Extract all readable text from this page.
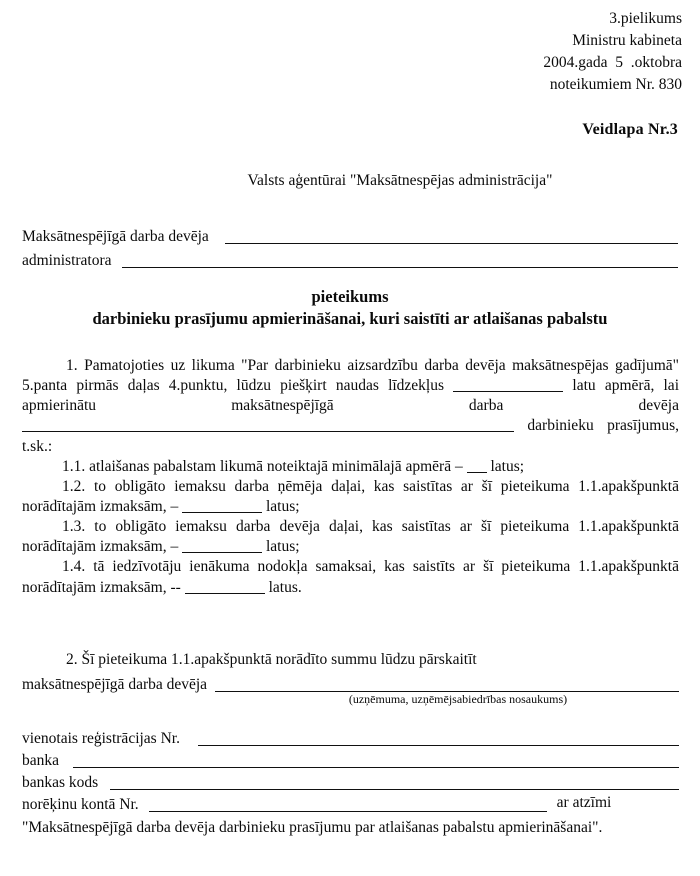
3.pielikums
Ministru kabineta
2004.gada  5  .oktobra
noteikumiem Nr. 830
Veidlapa Nr.3
Valsts aģentūrai "Maksātnespējas administrācija"
Maksātnespējīgā darba devēja
administratora
pieteikums
darbinieku prasījumu apmierināšanai, kuri saistīti ar atlaišanas pabalstu

1. Pamatojoties uz likuma "Par darbinieku aizsardzību darba devēja maksātnespējas gadījumā" 5.panta pirmās daļas 4.punktu, lūdzu piešķirt naudas līdzekļus	latu apmērā, lai apmierinātu maksātnespējīgā darba devēja darbinieku prasījumus, t.sk.:

1.1. atlaišanas pabalstam likumā noteiktajā minimālajā apmērā – latus;

1.2. to obligāto iemaksu darba ņēmēja daļai, kas saistītas ar šī pieteikuma 1.1.apakšpunktā norādītajām izmaksām, –	latus;

1.3. to obligāto iemaksu darba devēja daļai, kas saistītas ar šī pieteikuma 1.1.apakšpunktā norādītajām izmaksām, –	latus;

1.4. tā iedzīvotāju ienākuma nodokļa samaksai, kas saistīts ar šī pieteikuma 1.1.apakšpunktā norādītajām izmaksām, --	latus.

2. Šī pieteikuma 1.1.apakšpunktā norādīto summu lūdzu pārskaitīt

maksātnespējīgā darba devēja
(uzņēmuma, uzņēmējsabiedrības nosaukums)
vienotais reģistrācijas Nr.
banka
bankas kods
norēķinu kontā Nr.	ar atzīmi

"Maksātnespējīgā darba devēja darbinieku prasījumu par atlaišanas pabalstu apmierināšanai".
